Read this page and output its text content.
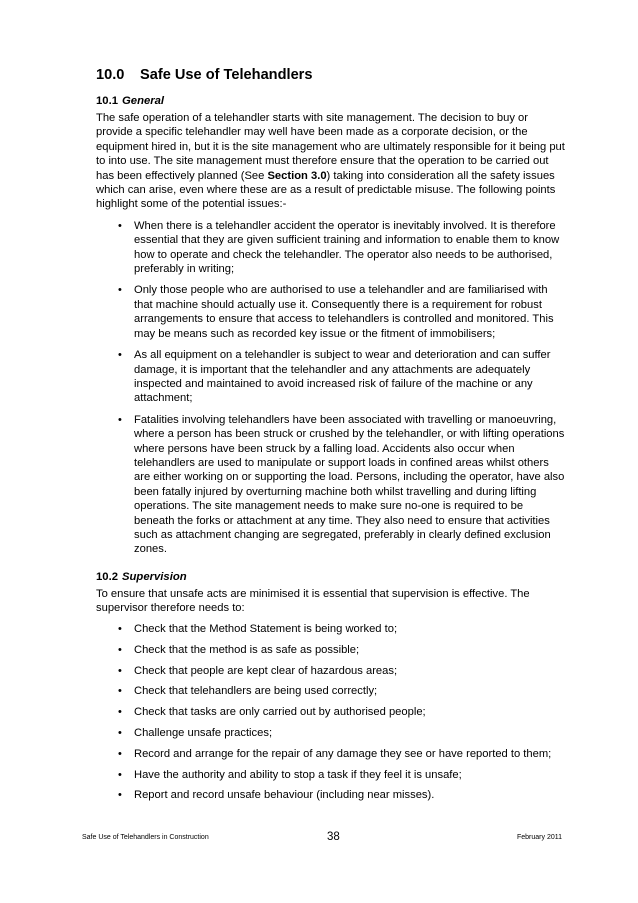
10.0 Safe Use of Telehandlers
10.1 General

The safe operation of a telehandler starts with site management. The decision to buy or provide a specific telehandler may well have been made as a corporate decision, or the equipment hired in, but it is the site management who are ultimately responsible for it being put to into use. The site management must therefore ensure that the operation to be carried out has been effectively planned (See Section 3.0) taking into consideration all the safety issues which can arise, even where these are as a result of predictable misuse. The following points highlight some of the potential issues:-

• When there is a telehandler accident the operator is inevitably involved. It is therefore essential that they are given sufficient training and information to enable them to know how to operate and check the telehandler. The operator also needs to be authorised, preferably in writing;
• Only those people who are authorised to use a telehandler and are familiarised with that machine should actually use it. Consequently there is a requirement for robust arrangements to ensure that access to telehandlers is controlled and monitored. This may be means such as recorded key issue or the fitment of immobilisers;
• As all equipment on a telehandler is subject to wear and deterioration and can suffer damage, it is important that the telehandler and any attachments are adequately inspected and maintained to avoid increased risk of failure of the machine or any attachment;
• Fatalities involving telehandlers have been associated with travelling or manoeuvring, where a person has been struck or crushed by the telehandler, or with lifting operations where persons have been struck by a falling load. Accidents also occur when telehandlers are used to manipulate or support loads in confined areas whilst others are either working on or supporting the load. Persons, including the operator, have also been fatally injured by overturning machine both whilst travelling and during lifting operations. The site management needs to make sure no-one is required to be beneath the forks or attachment at any time. They also need to ensure that activities such as attachment changing are segregated, preferably in clearly defined exclusion zones.
10.2 Supervision

To ensure that unsafe acts are minimised it is essential that supervision is effective. The supervisor therefore needs to:

• Check that the Method Statement is being worked to;
• Check that the method is as safe as possible;
• Check that people are kept clear of hazardous areas;
• Check that telehandlers are being used correctly;
• Check that tasks are only carried out by authorised people;
• Challenge unsafe practices;
• Record and arrange for the repair of any damage they see or have reported to them;
• Have the authority and ability to stop a task if they feel it is unsafe;
• Report and record unsafe behaviour (including near misses).
Safe Use of Telehandlers in Construction	38	February 2011
